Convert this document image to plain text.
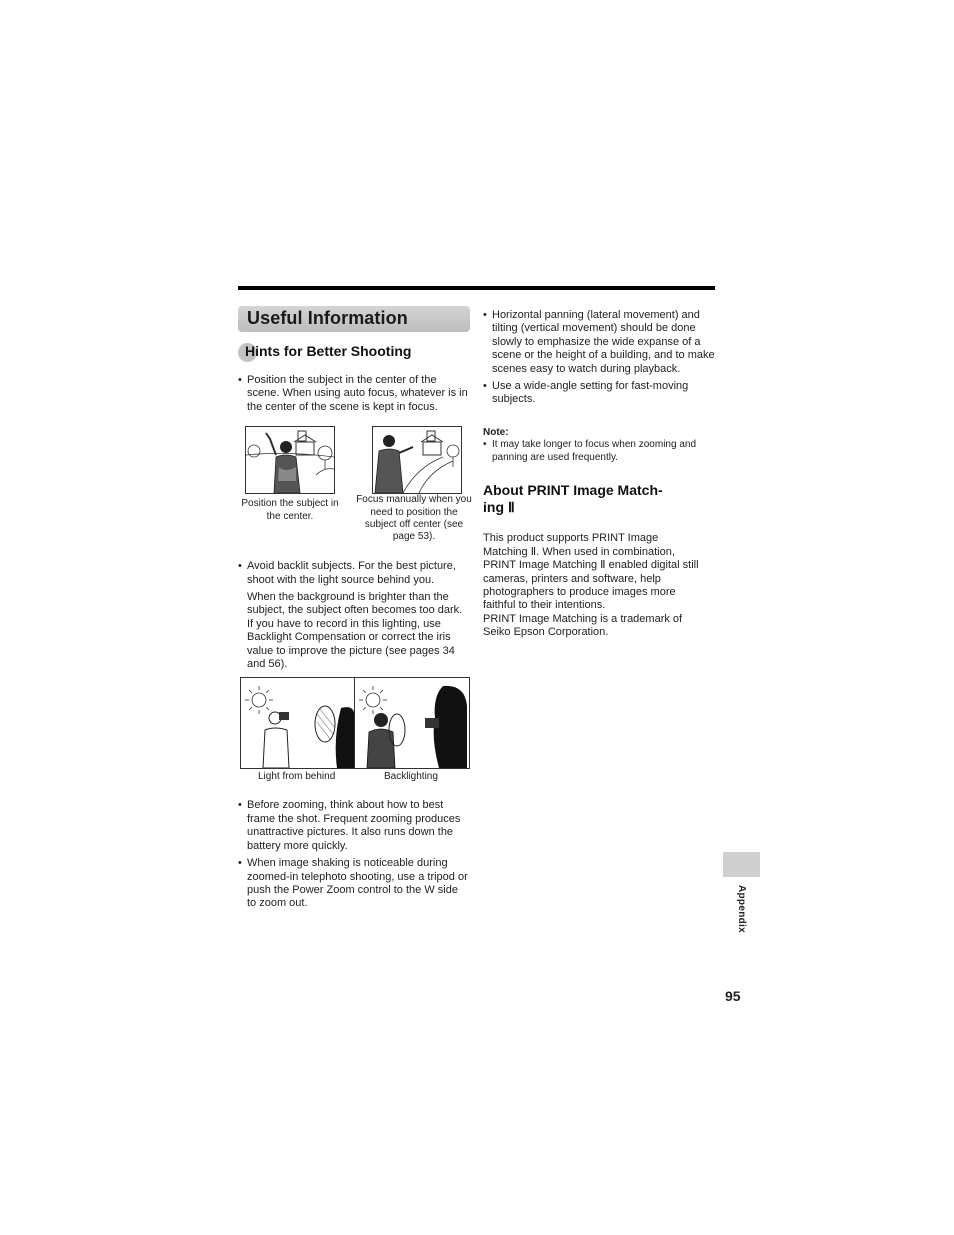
Useful Information
Hints for Better Shooting

• Position the subject in the center of the scene. When using auto focus, whatever is in the center of the scene is kept in focus.

Position the subject in the center.
Focus manually when you need to position the subject off center (see page 53).

• Avoid backlit subjects. For the best picture, shoot with the light source behind you.

When the background is brighter than the subject, the subject often becomes too dark. If you have to record in this lighting, use Backlight Compensation or correct the iris value to improve the picture (see pages 34 and 56).

Light from behind	Backlighting

• Before zooming, think about how to best frame the shot. Frequent zooming produces unattractive pictures. It also runs down the battery more quickly.

• When image shaking is noticeable during zoomed-in telephoto shooting, use a tripod or push the Power Zoom control to the W side to zoom out.

• Horizontal panning (lateral movement) and tilting (vertical movement) should be done slowly to emphasize the wide expanse of a scene or the height of a building, and to make scenes easy to watch during playback.

• Use a wide-angle setting for fast-moving subjects.

Note:

• It may take longer to focus when zooming and panning are used frequently.

About PRINT Image Match-
ing Ⅱ

This product supports PRINT Image Matching Ⅱ. When used in combination, PRINT Image Matching Ⅱ enabled digital still cameras, printers and software, help photographers to produce images more faithful to their intentions.

PRINT Image Matching is a trademark of Seiko Epson Corporation.

Appendix
95
